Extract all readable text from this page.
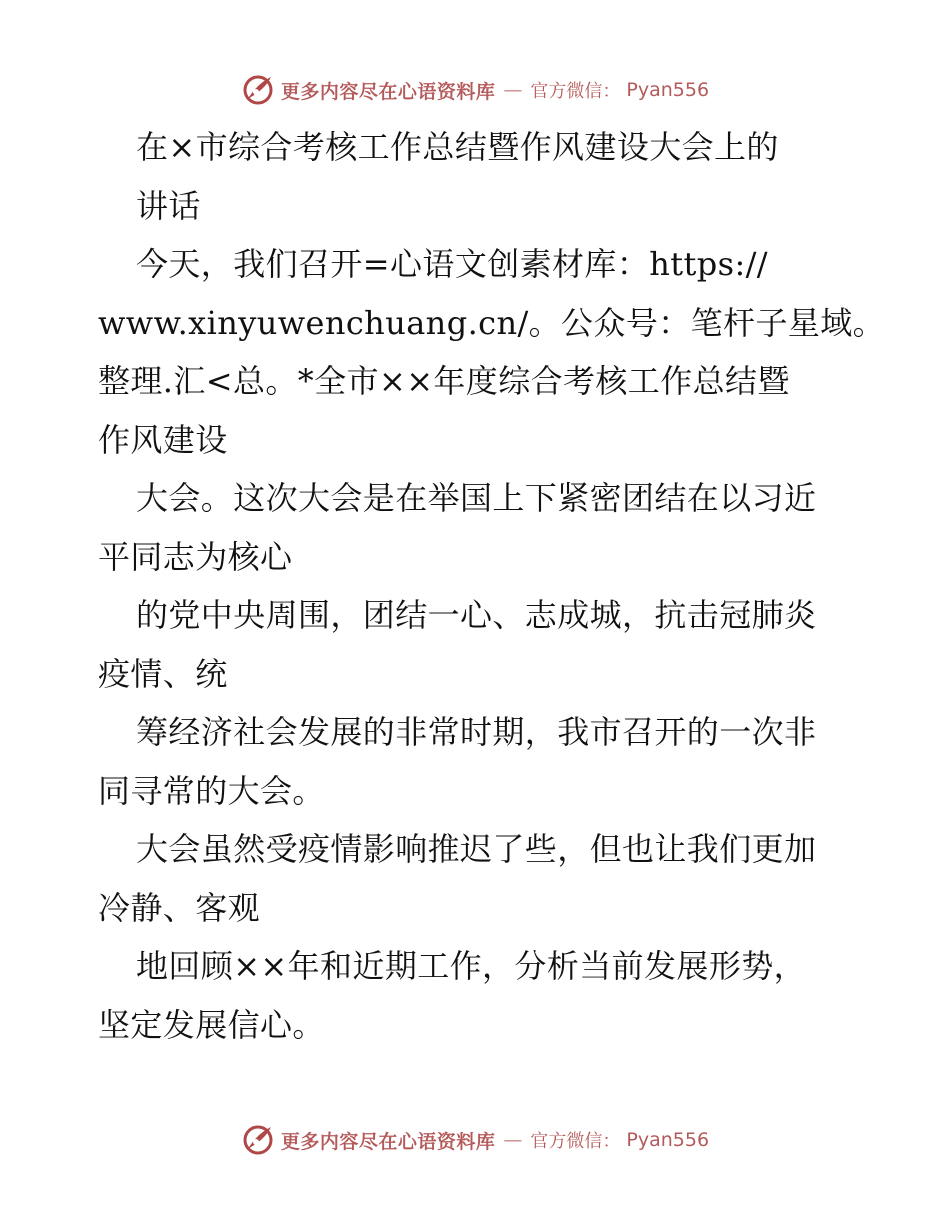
更多内容尽在心语资料库 — 官方微信： Pyan556
在×市综合考核工作总结暨作风建设大会上的
讲话
今天，我们召开=心语文创素材库：https://
www.xinyuwenchuang.cn/。公众号：笔杆子星域。
整理.汇<总。*全市××年度综合考核工作总结暨
作风建设
大会。这次大会是在举国上下紧密团结在以习近
平同志为核心
的党中央周围，团结一心、志成城，抗击冠肺炎
疫情、统
筹经济社会发展的非常时期，我市召开的一次非
同寻常的大会。
大会虽然受疫情影响推迟了些，但也让我们更加
冷静、客观
地回顾××年和近期工作，分析当前发展形势，
坚定发展信心。
更多内容尽在心语资料库 — 官方微信： Pyan556
